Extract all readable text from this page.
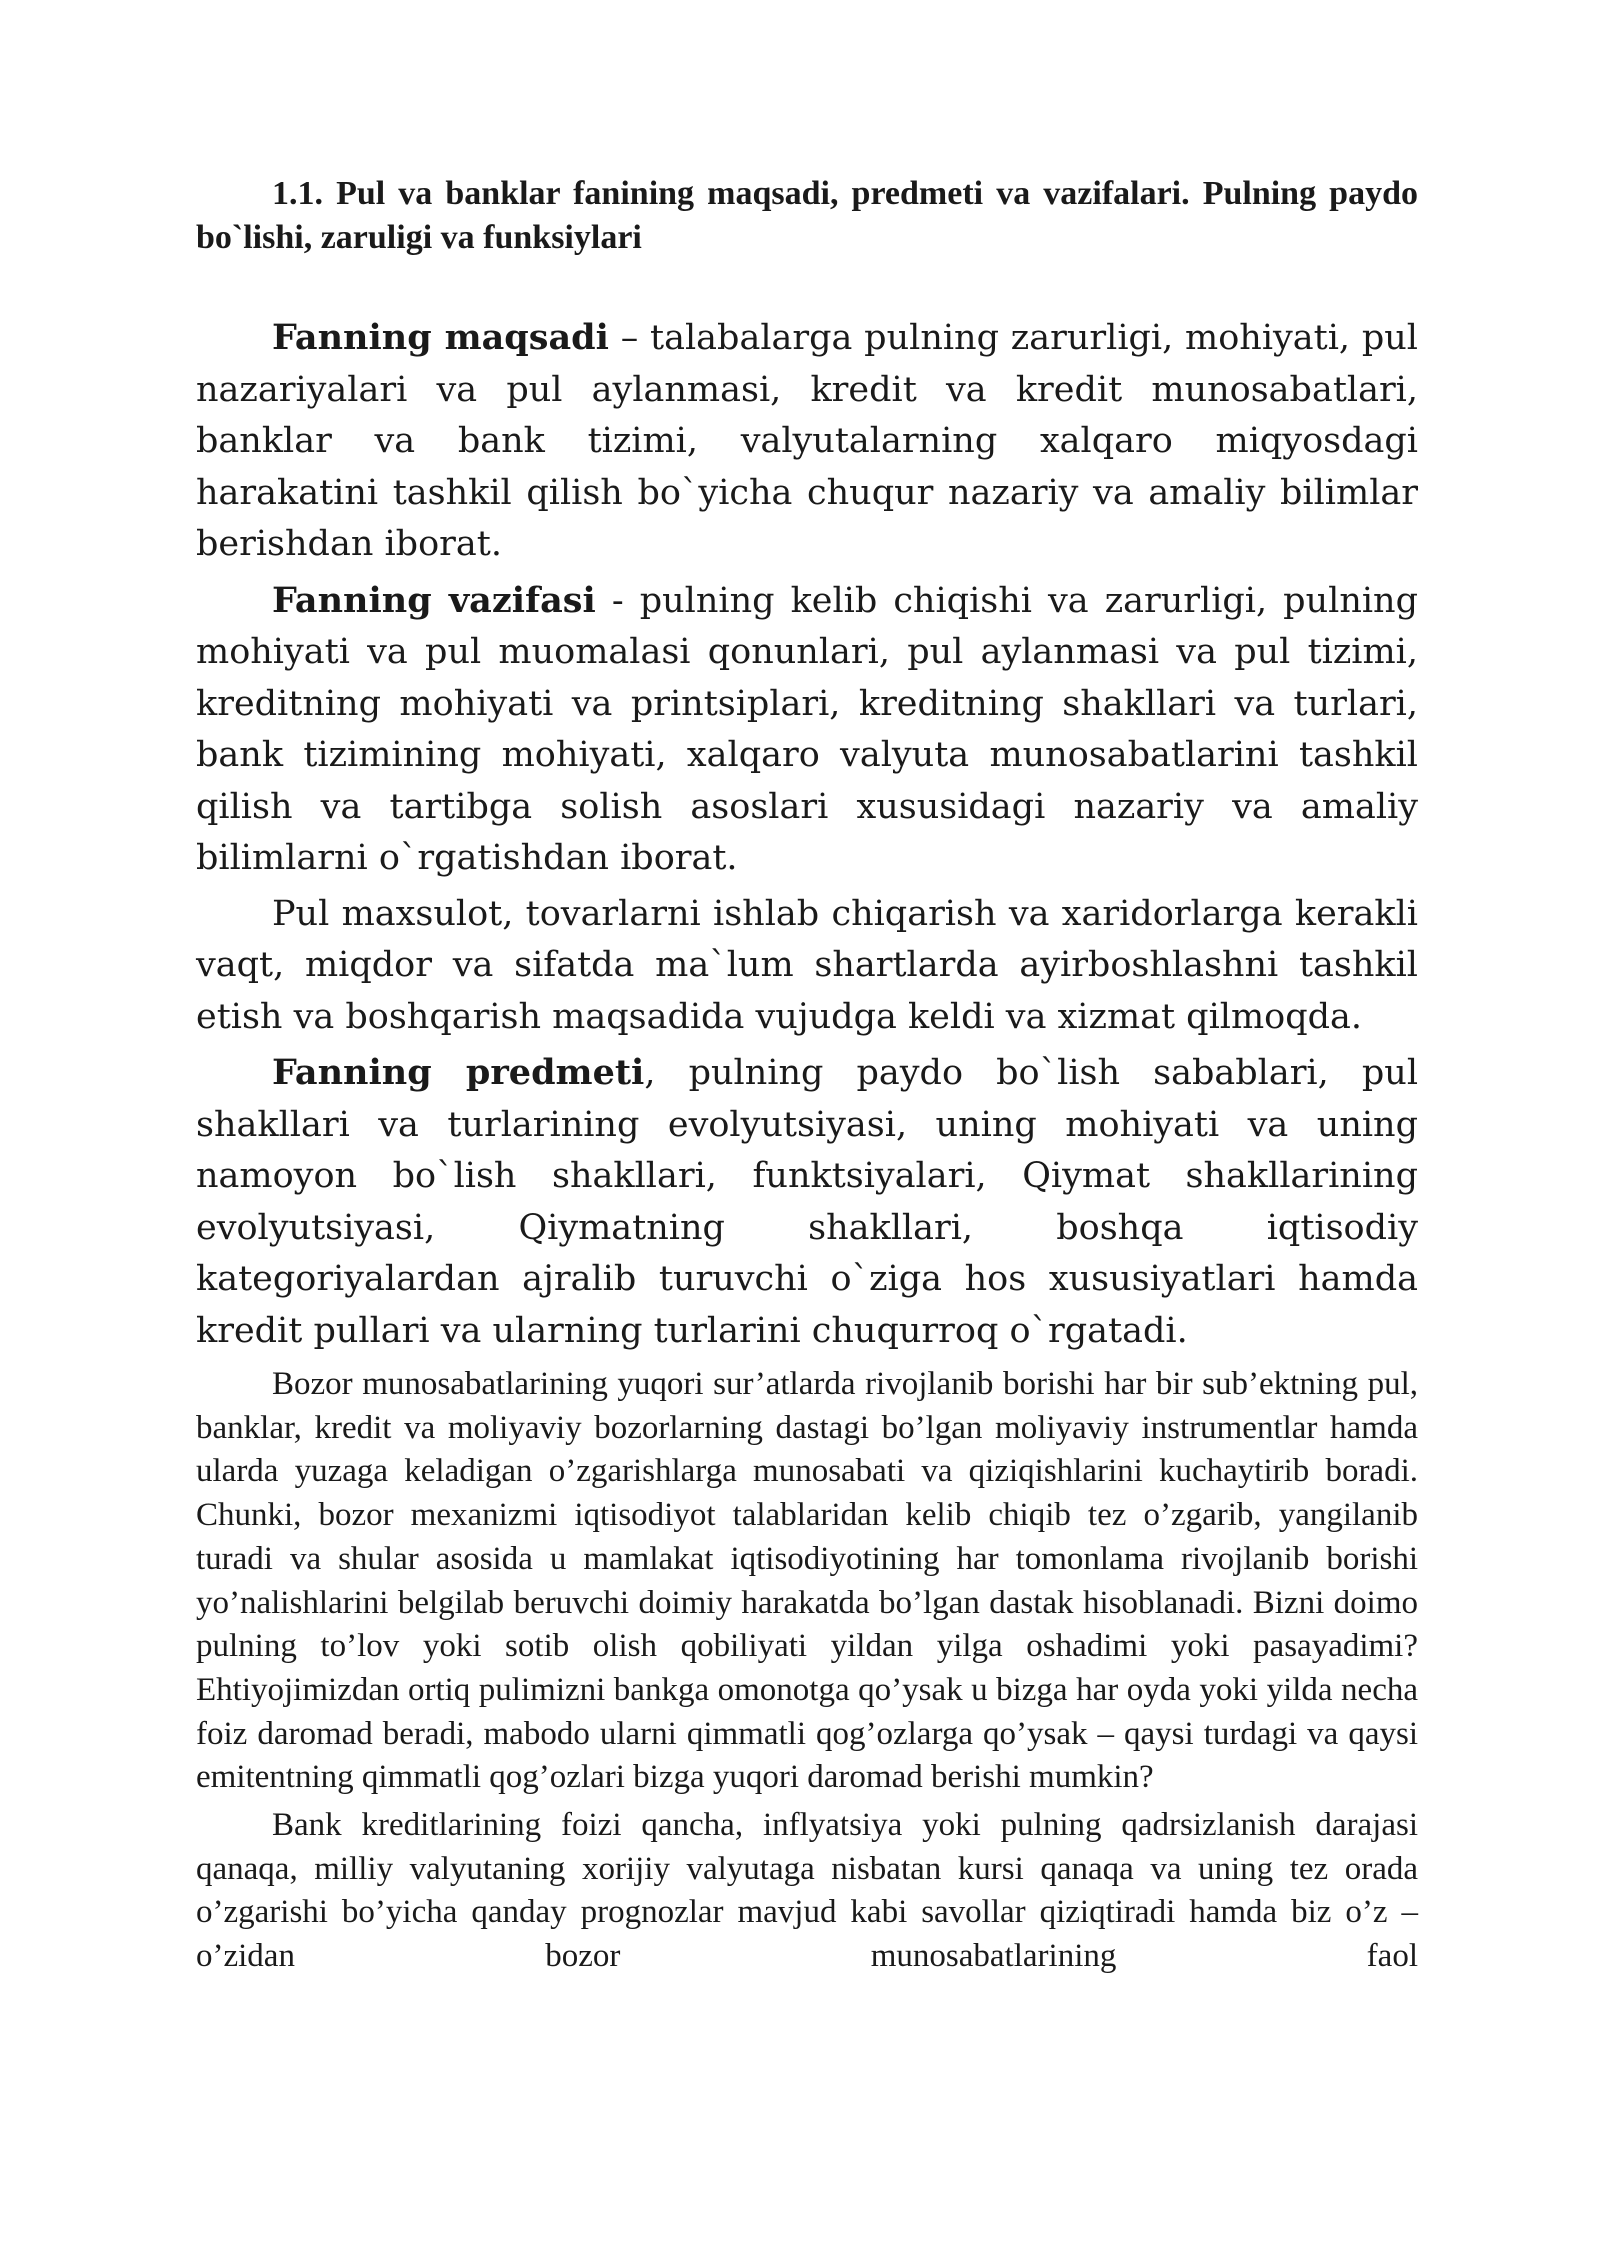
1.1. Pul va banklar fanining maqsadi, predmeti va vazifalari. Pulning paydo bo`lishi, zaruligi va funksiylari

Fanning maqsadi – talabalarga pulning zarurligi, mohiyati, pul nazariyalari va pul aylanmasi, kredit va kredit munosabatlari, banklar va bank tizimi, valyutalarning xalqaro miqyosdagi harakatini tashkil qilish bo`yicha chuqur nazariy va amaliy bilimlar berishdan iborat.

Fanning vazifasi - pulning kelib chiqishi va zarurligi, pulning mohiyati va pul muomalasi qonunlari, pul aylanmasi va pul tizimi, kreditning mohiyati va printsiplari, kreditning shakllari va turlari, bank tizimining mohiyati, xalqaro valyuta munosabatlarini tashkil qilish va tartibga solish asoslari xususidagi nazariy va amaliy bilimlarni o`rgatishdan iborat.

Pul maxsulot, tovarlarni ishlab chiqarish va xaridorlarga kerakli vaqt, miqdor va sifatda ma`lum shartlarda ayirboshlashni tashkil etish va boshqarish maqsadida vujudga keldi va xizmat qilmoqda.

Fanning predmeti, pulning paydo bo`lish sabablari, pul shakllari va turlarining evolyutsiyasi, uning mohiyati va uning namoyon bo`lish shakllari, funktsiyalari, Qiymat shakllarining evolyutsiyasi, Qiymatning shakllari, boshqa iqtisodiy kategoriyalardan ajralib turuvchi o`ziga hos xususiyatlari hamda kredit pullari va ularning turlarini chuqurroq o`rgatadi.

Bozor munosabatlarining yuqori sur’atlarda rivojlanib borishi har bir sub’ektning pul, banklar, kredit va moliyaviy bozorlarning dastagi bo’lgan moliyaviy instrumentlar hamda ularda yuzaga keladigan o’zgarishlarga munosabati va qiziqishlarini kuchaytirib boradi. Chunki, bozor mexanizmi iqtisodiyot talablaridan kelib chiqib tez o’zgarib, yangilanib turadi va shular asosida u mamlakat iqtisodiyotining har tomonlama rivojlanib borishi yo’nalishlarini belgilab beruvchi doimiy harakatda bo’lgan dastak hisoblanadi. Bizni doimo pulning to’lov yoki sotib olish qobiliyati yildan yilga oshadimi yoki pasayadimi? Ehtiyojimizdan ortiq pulimizni bankga omonotga qo’ysak u bizga har oyda yoki yilda necha foiz daromad beradi, mabodo ularni qimmatli qog’ozlarga qo’ysak – qaysi turdagi va qaysi emitentning qimmatli qog’ozlari bizga yuqori daromad berishi mumkin?

Bank kreditlarining foizi qancha, inflyatsiya yoki pulning qadrsizlanish darajasi qanaqa, milliy valyutaning xorijiy valyutaga nisbatan kursi qanaqa va uning tez orada o’zgarishi bo’yicha qanday prognozlar mavjud kabi savollar qiziqtiradi hamda biz o’z – o’zidan bozor munosabatlarining faol
